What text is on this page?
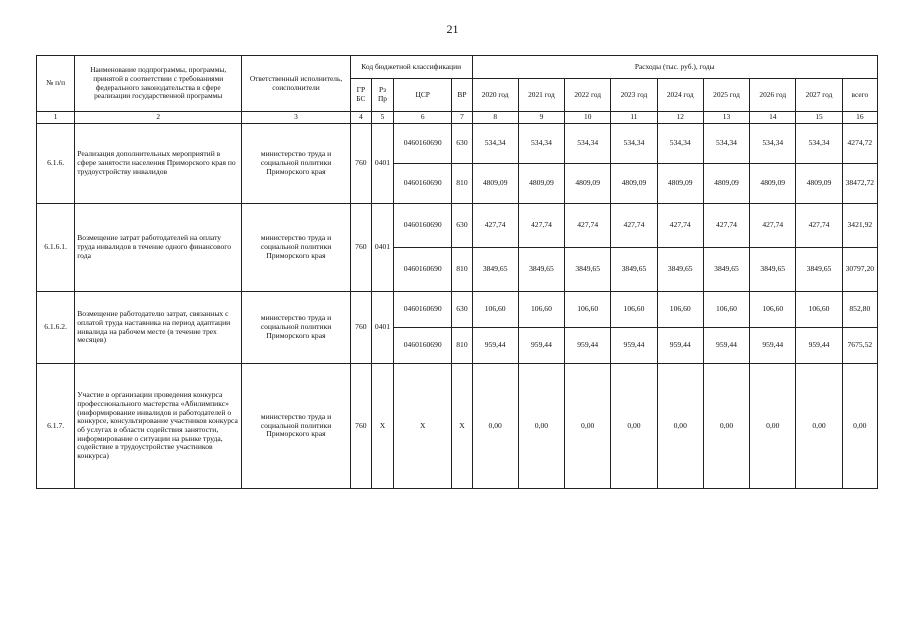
21
№ п/п	Наименование подпрограммы, программы, принятой в соответствии с требованиями федерального законодательства в сфере реализации государственной программы	Ответственный исполнитель, соисполнители	Код бюджетной классификации				Расходы (тыс. руб.), годы								
			ГР БС	Рз Пр	ЦСР	ВР	2020 год	2021 год	2022 год	2023 год	2024 год	2025 год	2026 год	2027 год	всего
1	2	3	4	5	6	7	8	9	10	11	12	13	14	15	16
6.1.6.	Реализация дополнительных мероприятий в сфере занятости населения Приморского края по трудоустройству инвалидов	министерство труда и социальной политики Приморского края	760	0401	0460160690	630	534,34	534,34	534,34	534,34	534,34	534,34	534,34	534,34	4274,72
					0460160690	810	4809,09	4809,09	4809,09	4809,09	4809,09	4809,09	4809,09	4809,09	38472,72
6.1.6.1.	Возмещение затрат работодателей на оплату труда инвалидов в течение одного финансового года	министерство труда и социальной политики Приморского края	760	0401	0460160690	630	427,74	427,74	427,74	427,74	427,74	427,74	427,74	427,74	3421,92
					0460160690	810	3849,65	3849,65	3849,65	3849,65	3849,65	3849,65	3849,65	3849,65	30797,20
6.1.6.2.	Возмещение работодателю затрат, связанных с оплатой труда наставника на период адаптации инвалида на рабочем месте (в течение трех месяцев)	министерство труда и социальной политики Приморского края	760	0401	0460160690	630	106,60	106,60	106,60	106,60	106,60	106,60	106,60	106,60	852,80
					0460160690	810	959,44	959,44	959,44	959,44	959,44	959,44	959,44	959,44	7675,52
6.1.7.	Участие в организации проведения конкурса профессионального мастерства «Абилимпикс» (информирование инвалидов и работодателей о конкурсе, консультирование участников конкурса об услугах в области содействия занятости, информирование о ситуации на рынке труда, содействие в трудоустройстве участников конкурса)	министерство труда и социальной политики Приморского края	760	X	X	X	0,00	0,00	0,00	0,00	0,00	0,00	0,00	0,00	0,00
